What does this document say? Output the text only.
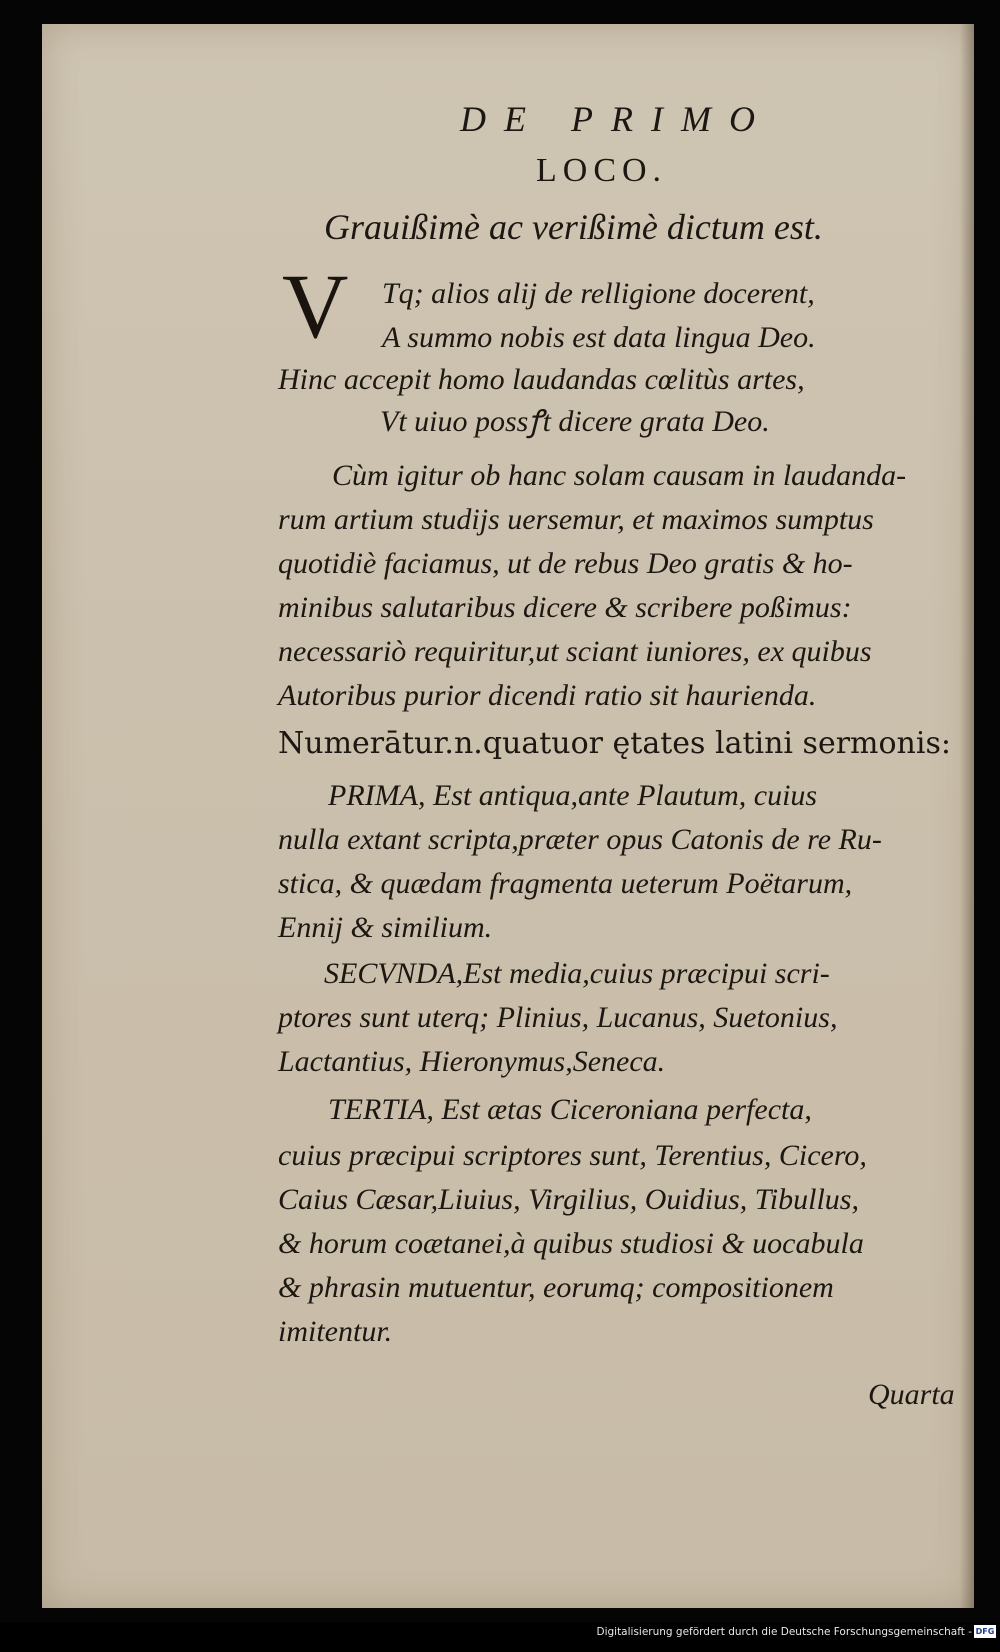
DE PRIMO
LOCO.
Grauißimè ac verißimè dictum est.
V Tq; alios alij de relligione docerent,
A summo nobis est data lingua Deo.
Hinc accepit homo laudandas cœlitùs artes,
Vt uiuo possꝭt dicere grata Deo.
Cùm igitur ob hanc solam causam in laudanda-
rum artium studijs uersemur, et maximos sumptus
quotidiè faciamus, ut de rebus Deo gratis & ho-
minibus salutaribus dicere & scribere poßimus:
necessariò requiritur,ut sciant iuniores, ex quibus
Autoribus purior dicendi ratio sit haurienda.
Numerātur.n.quatuor ętates latini sermonis:
PRIMA, Est antiqua,ante Plautum, cuius
nulla extant scripta,præter opus Catonis de re Ru-
stica, & quædam fragmenta ueterum Poëtarum,
Ennij & similium.
SECVNDA,Est media,cuius præcipui scri-
ptores sunt uterq; Plinius, Lucanus, Suetonius,
Lactantius, Hieronymus,Seneca.
TERTIA, Est ætas Ciceroniana perfecta,
cuius præcipui scriptores sunt, Terentius, Cicero,
Caius Cæsar,Liuius, Virgilius, Ouidius, Tibullus,
& horum coætanei,à quibus studiosi & uocabula
& phrasin mutuentur, eorumq; compositionem
imitentur.
Quarta
Digitalisierung gefördert durch die Deutsche Forschungsgemeinschaft - DFG
